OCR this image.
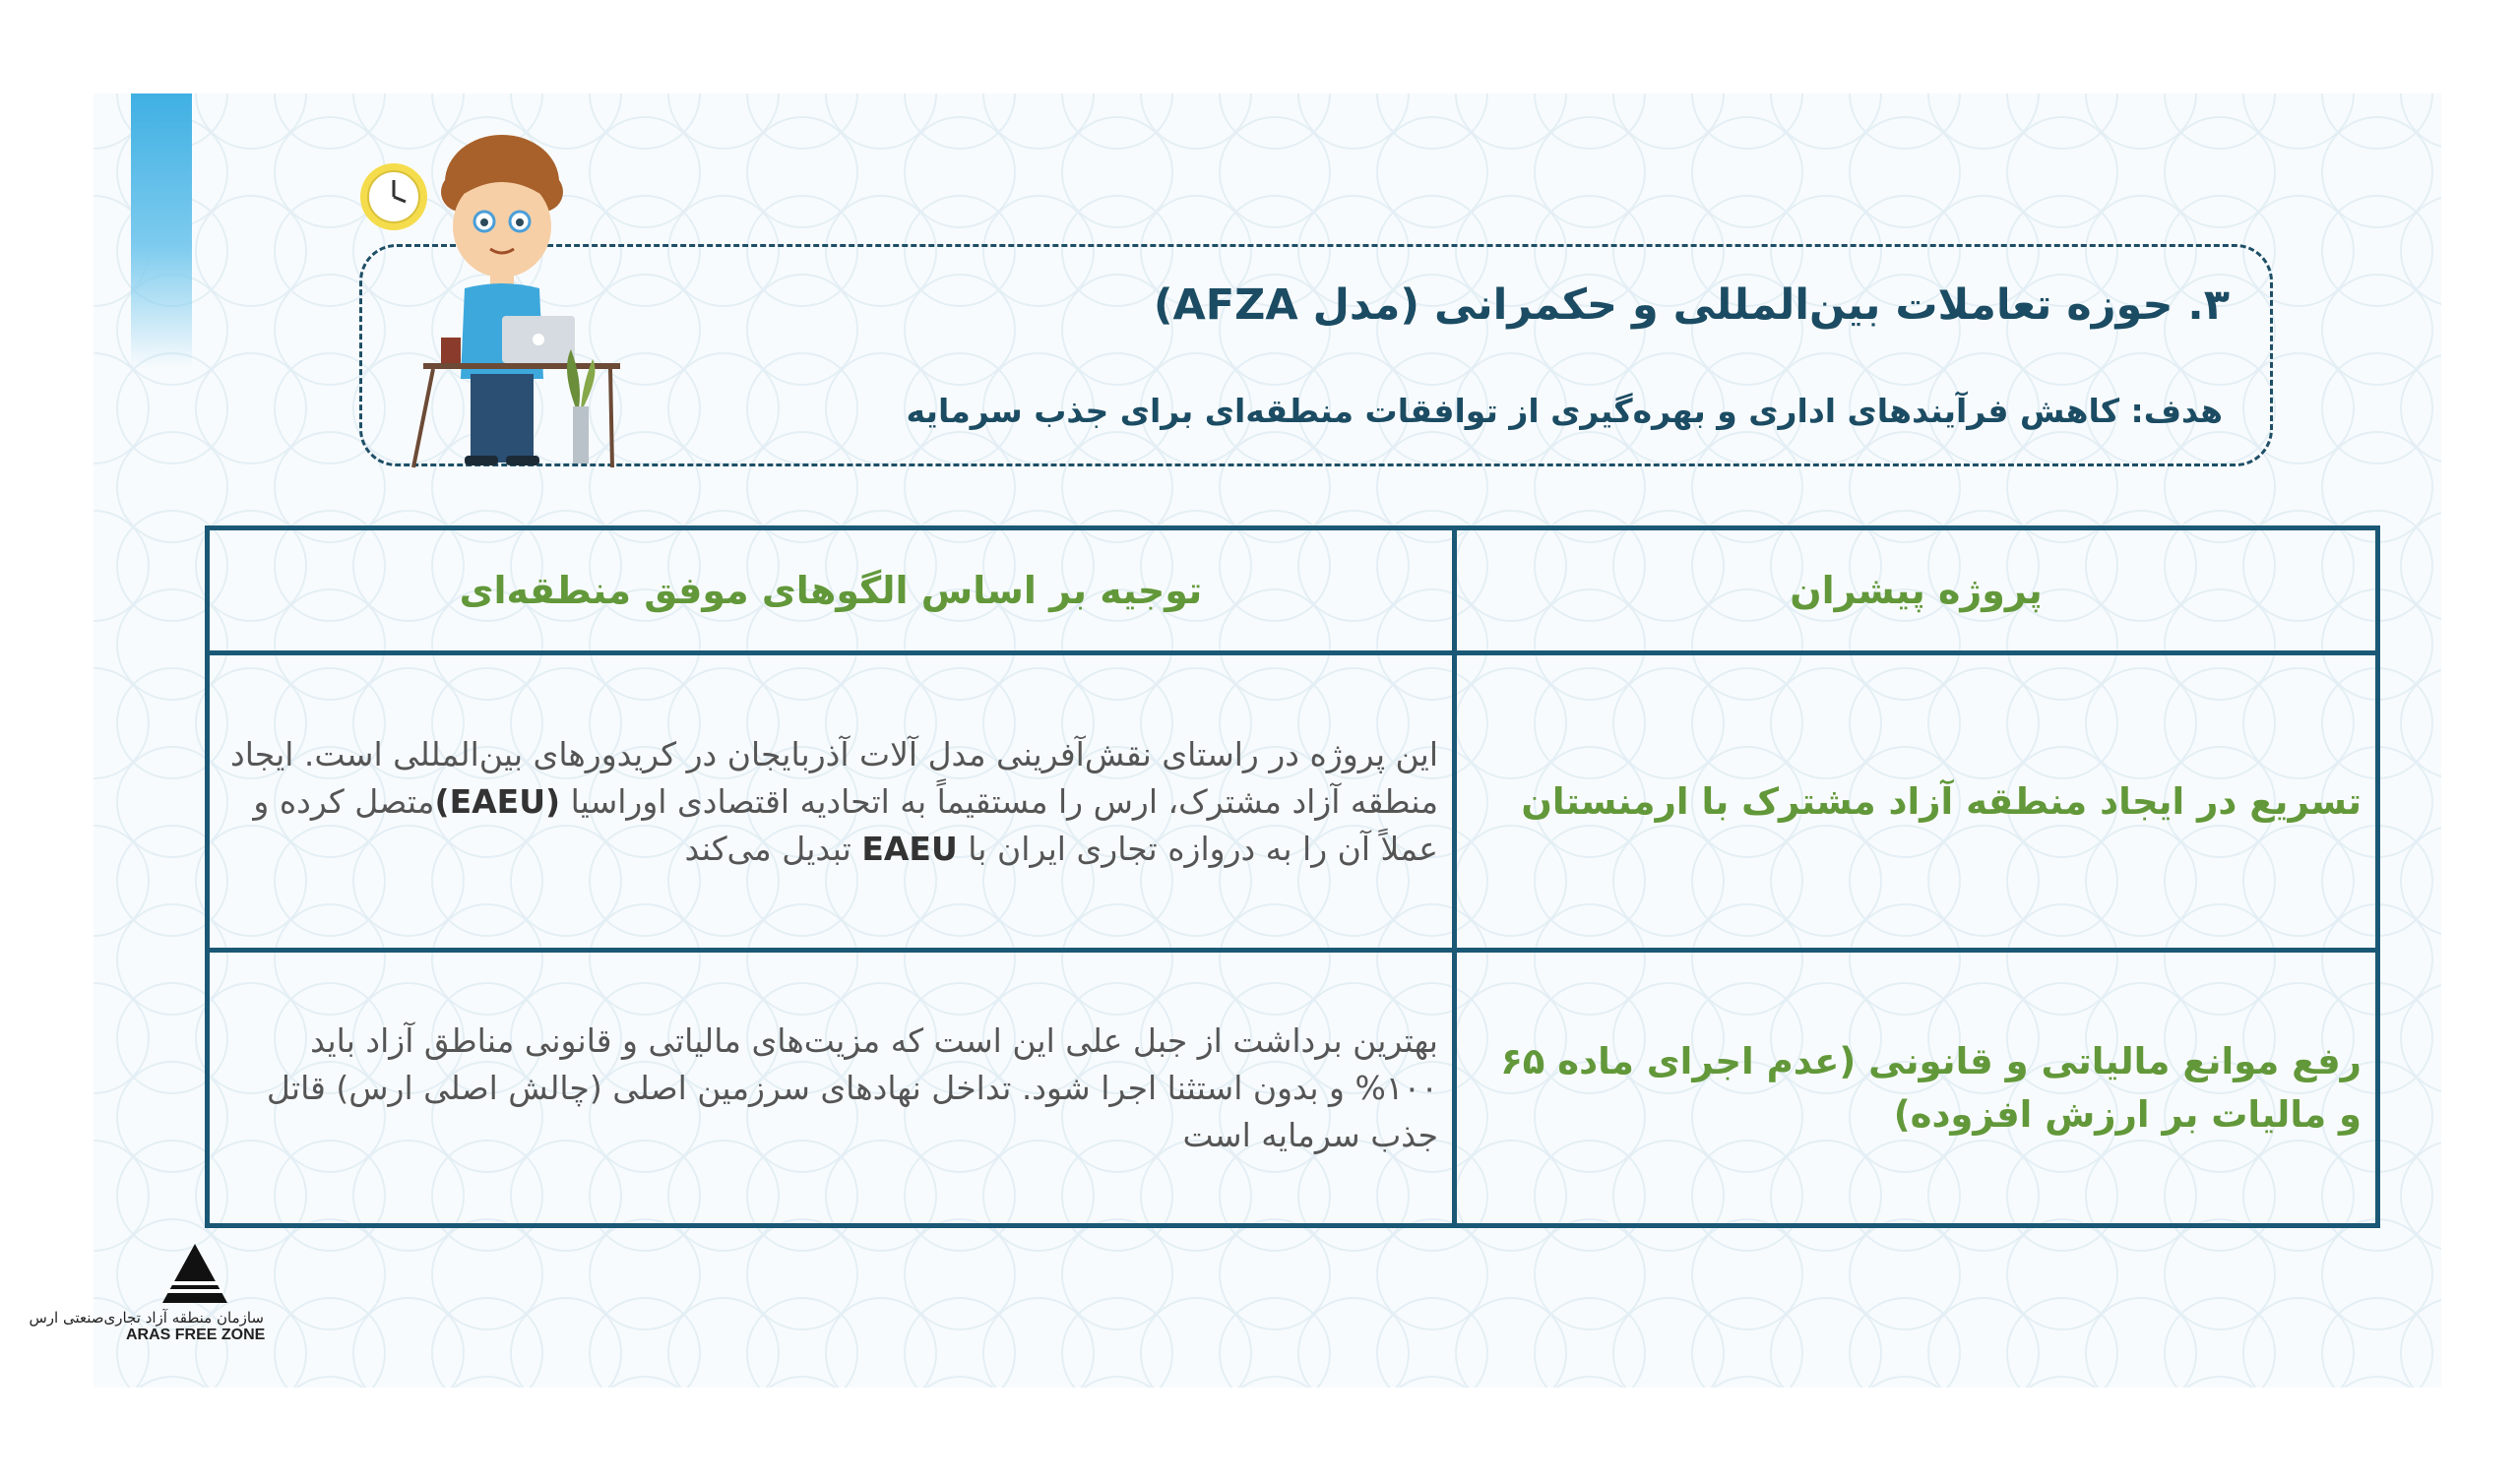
۳. حوزه تعاملات بین‌المللی و حکمرانی (مدل AFZA)
هدف: کاهش فرآیندهای اداری و بهره‌گیری از توافقات منطقه‌ای برای جذب سرمایه
پروژه پیشران	توجیه بر اساس الگوهای موفق منطقه‌ای
تسریع در ایجاد منطقه آزاد مشترک با ارمنستان	این پروژه در راستای نقش‌آفرینی مدل آلات آذربایجان در کریدورهای بین‌المللی است. ایجاد منطقه آزاد مشترک، ارس را مستقیماً به اتحادیه اقتصادی اوراسیا (EAEU)متصل کرده و عملاً آن را به دروازه تجاری ایران با EAEU تبدیل می‌کند
رفع موانع مالیاتی و قانونی (عدم اجرای ماده ۶۵ و مالیات بر ارزش افزوده)	بهترین برداشت از جبل علی این است که مزیت‌های مالیاتی و قانونی مناطق آزاد باید ۱۰۰% و بدون استثنا اجرا شود. تداخل نهادهای سرزمین اصلی (چالش اصلی ارس) قاتل جذب سرمایه است
سازمان منطقه آزاد تجاری‌صنعتی ارس
ARAS FREE ZONE
